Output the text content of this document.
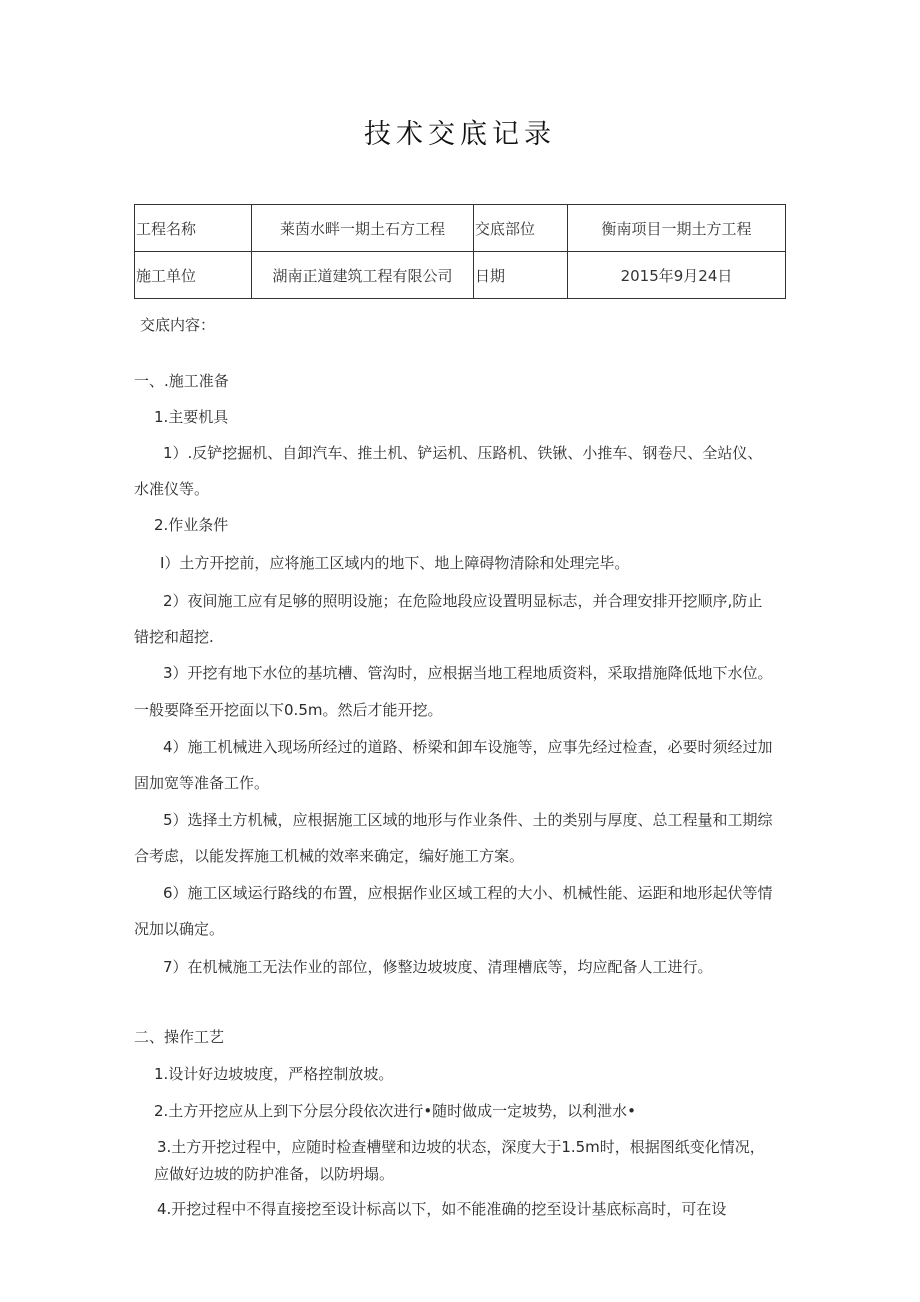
技术交底记录
工程名称	莱茵水畔一期土石方工程	交底部位	衡南项目一期土方工程
施工单位	湖南正道建筑工程有限公司	日期	2015年9月24日
交底内容：
一、.施工准备
1.主要机具
1）.反铲挖掘机、自卸汽车、推土机、铲运机、压路机、铁锹、小推车、钢卷尺、全站仪、
水准仪等。
2.作业条件
I）土方开挖前，应将施工区域内的地下、地上障碍物清除和处理完毕。
2）夜间施工应有足够的照明设施；在危险地段应设置明显标志，并合理安排开挖顺序,防止
错挖和超挖.
3）开挖有地下水位的基坑槽、管沟时，应根据当地工程地质资料，采取措施降低地下水位。
一般要降至开挖面以下0.5m。然后才能开挖。
4）施工机械进入现场所经过的道路、桥梁和卸车设施等，应事先经过检查，必要时须经过加
固加宽等准备工作。
5）选择土方机械，应根据施工区域的地形与作业条件、土的类别与厚度、总工程量和工期综
合考虑，以能发挥施工机械的效率来确定，编好施工方案。
6）施工区域运行路线的布置，应根据作业区域工程的大小、机械性能、运距和地形起伏等情
况加以确定。
7）在机械施工无法作业的部位，修整边坡坡度、清理槽底等，均应配备人工进行。
二、操作工艺
1.设计好边坡坡度，严格控制放坡。
2.土方开挖应从上到下分层分段依次进行•随时做成一定坡势，以利泄水•
3.土方开挖过程中，应随时检查槽壁和边坡的状态，深度大于1.5m时，根据图纸变化情况，
应做好边坡的防护准备，以防坍塌。
4.开挖过程中不得直接挖至设计标高以下，如不能准确的挖至设计基底标高时，可在设
